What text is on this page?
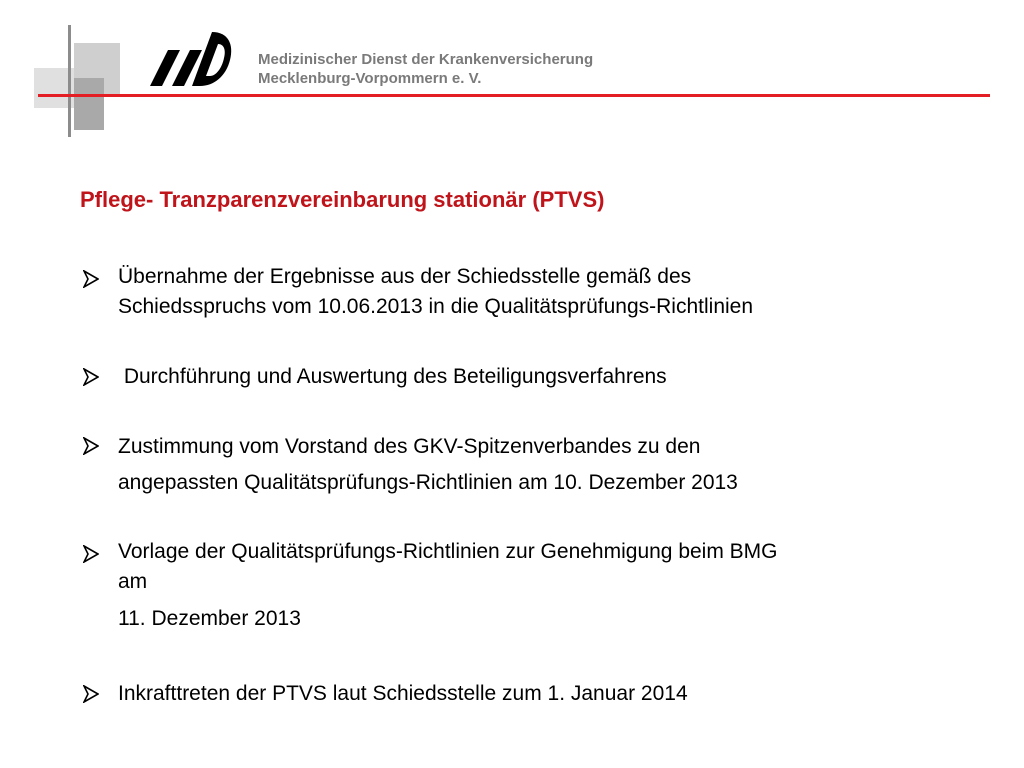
Medizinischer Dienst der Krankenversicherung
Mecklenburg-Vorpommern e. V.
Pflege- Tranzparenzvereinbarung stationär (PTVS)
Übernahme der Ergebnisse aus der Schiedsstelle gemäß des
Schiedsspruchs vom 10.06.2013 in die Qualitätsprüfungs-Richtlinien
Durchführung und Auswertung des Beteiligungsverfahrens
Zustimmung vom Vorstand des GKV-Spitzenverbandes zu den
angepassten Qualitätsprüfungs-Richtlinien am 10. Dezember 2013
Vorlage der Qualitätsprüfungs-Richtlinien zur Genehmigung beim BMG
am
11. Dezember 2013
Inkrafttreten der PTVS laut Schiedsstelle zum 1. Januar 2014
